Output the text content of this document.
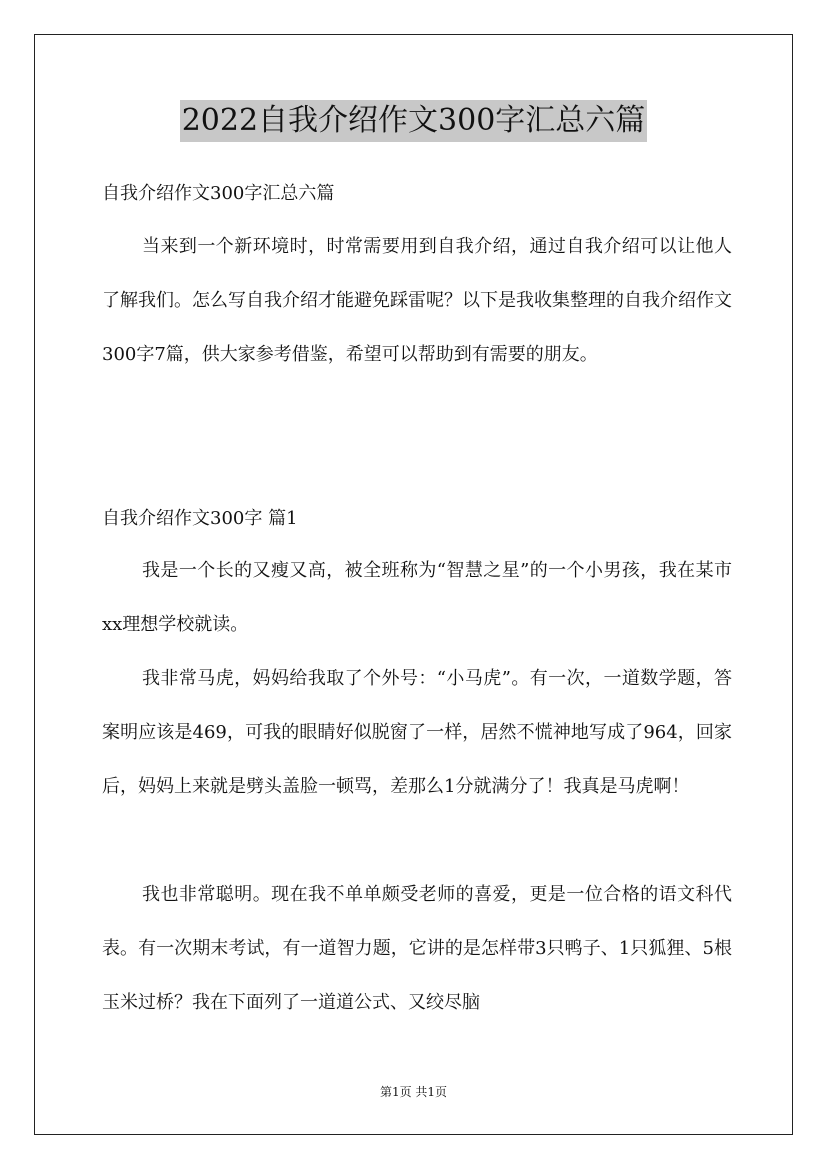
2022自我介绍作文300字汇总六篇
自我介绍作文300字汇总六篇

当来到一个新环境时，时常需要用到自我介绍，通过自我介绍可以让他人了解我们。怎么写自我介绍才能避免踩雷呢？以下是我收集整理的自我介绍作文300字7篇，供大家参考借鉴，希望可以帮助到有需要的朋友。

自我介绍作文300字 篇1

我是一个长的又瘦又高，被全班称为“智慧之星”的一个小男孩，我在某市xx理想学校就读。

我非常马虎，妈妈给我取了个外号：“小马虎”。有一次，一道数学题，答案明应该是469，可我的眼睛好似脱窗了一样，居然不慌神地写成了964，回家后，妈妈上来就是劈头盖脸一顿骂，差那么1分就满分了！我真是马虎啊！

我也非常聪明。现在我不单单颇受老师的喜爱，更是一位合格的语文科代表。有一次期末考试，有一道智力题，它讲的是怎样带3只鸭子、1只狐狸、5根玉米过桥？我在下面列了一道道公式、又绞尽脑

第1页 共1页
